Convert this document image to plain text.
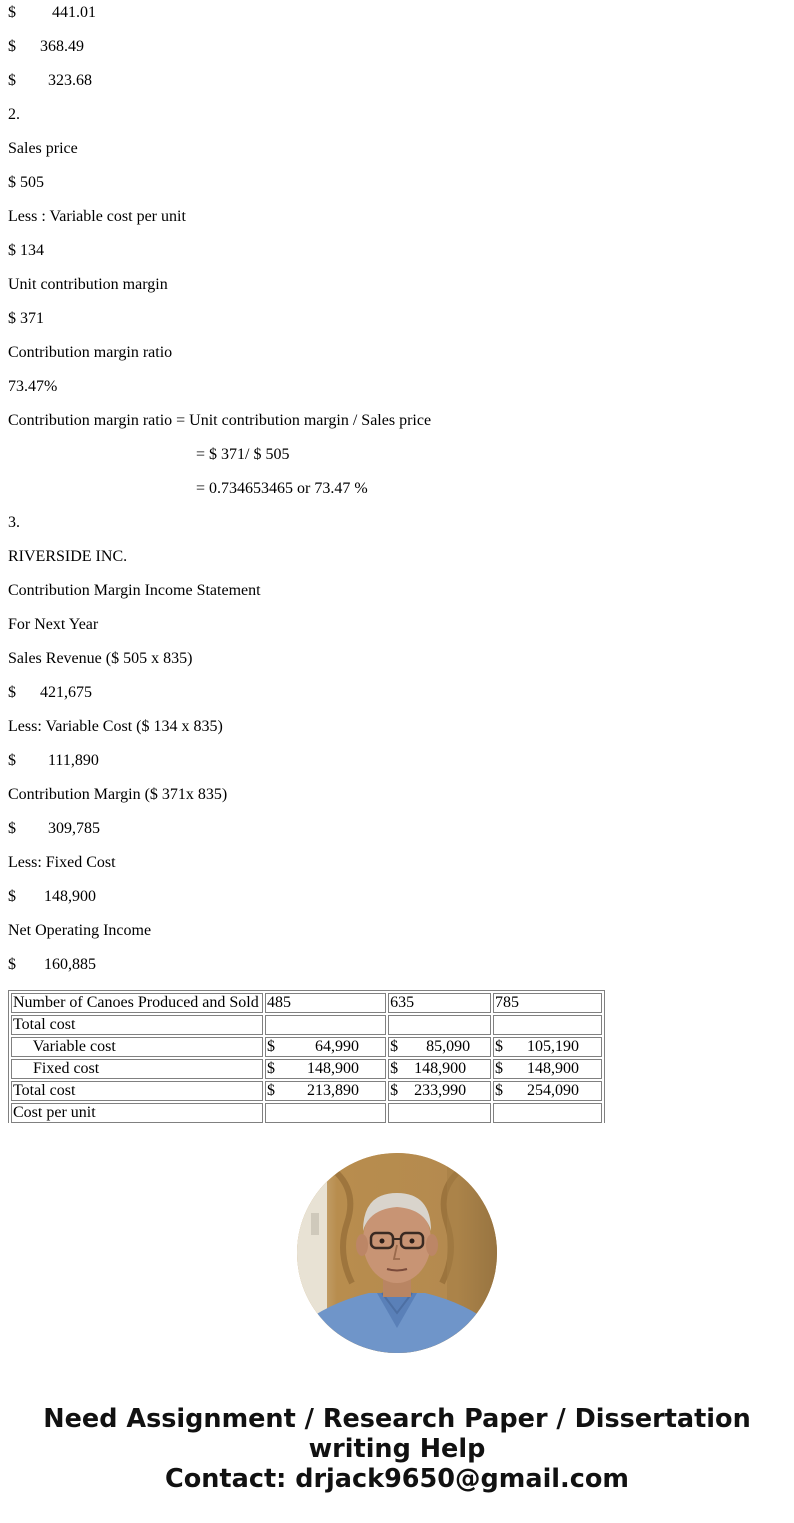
$         441.01
$      368.49
$        323.68
2.
Sales price
$ 505
Less : Variable cost per unit
$ 134
Unit contribution margin
$ 371
Contribution margin ratio
73.47%
Contribution margin ratio = Unit contribution margin / Sales price
= $ 371/ $ 505
= 0.734653465 or 73.47 %
3.
RIVERSIDE INC.
Contribution Margin Income Statement
For Next Year
Sales Revenue ($ 505 x 835)
$      421,675
Less: Variable Cost ($ 134 x 835)
$        111,890
Contribution Margin ($ 371x 835)
$        309,785
Less: Fixed Cost
$       148,900
Net Operating Income
$       160,885
Number of Canoes Produced and Sold	485	635	785
Total cost			
Variable cost	$          64,990	$       85,090	$      105,190
Fixed cost	$        148,900	$    148,900	$      148,900
Total cost	$        213,890	$    233,990	$      254,090
Cost per unit			

Need Assignment / Research Paper / Dissertation
writing Help
Contact: drjack9650@gmail.com
